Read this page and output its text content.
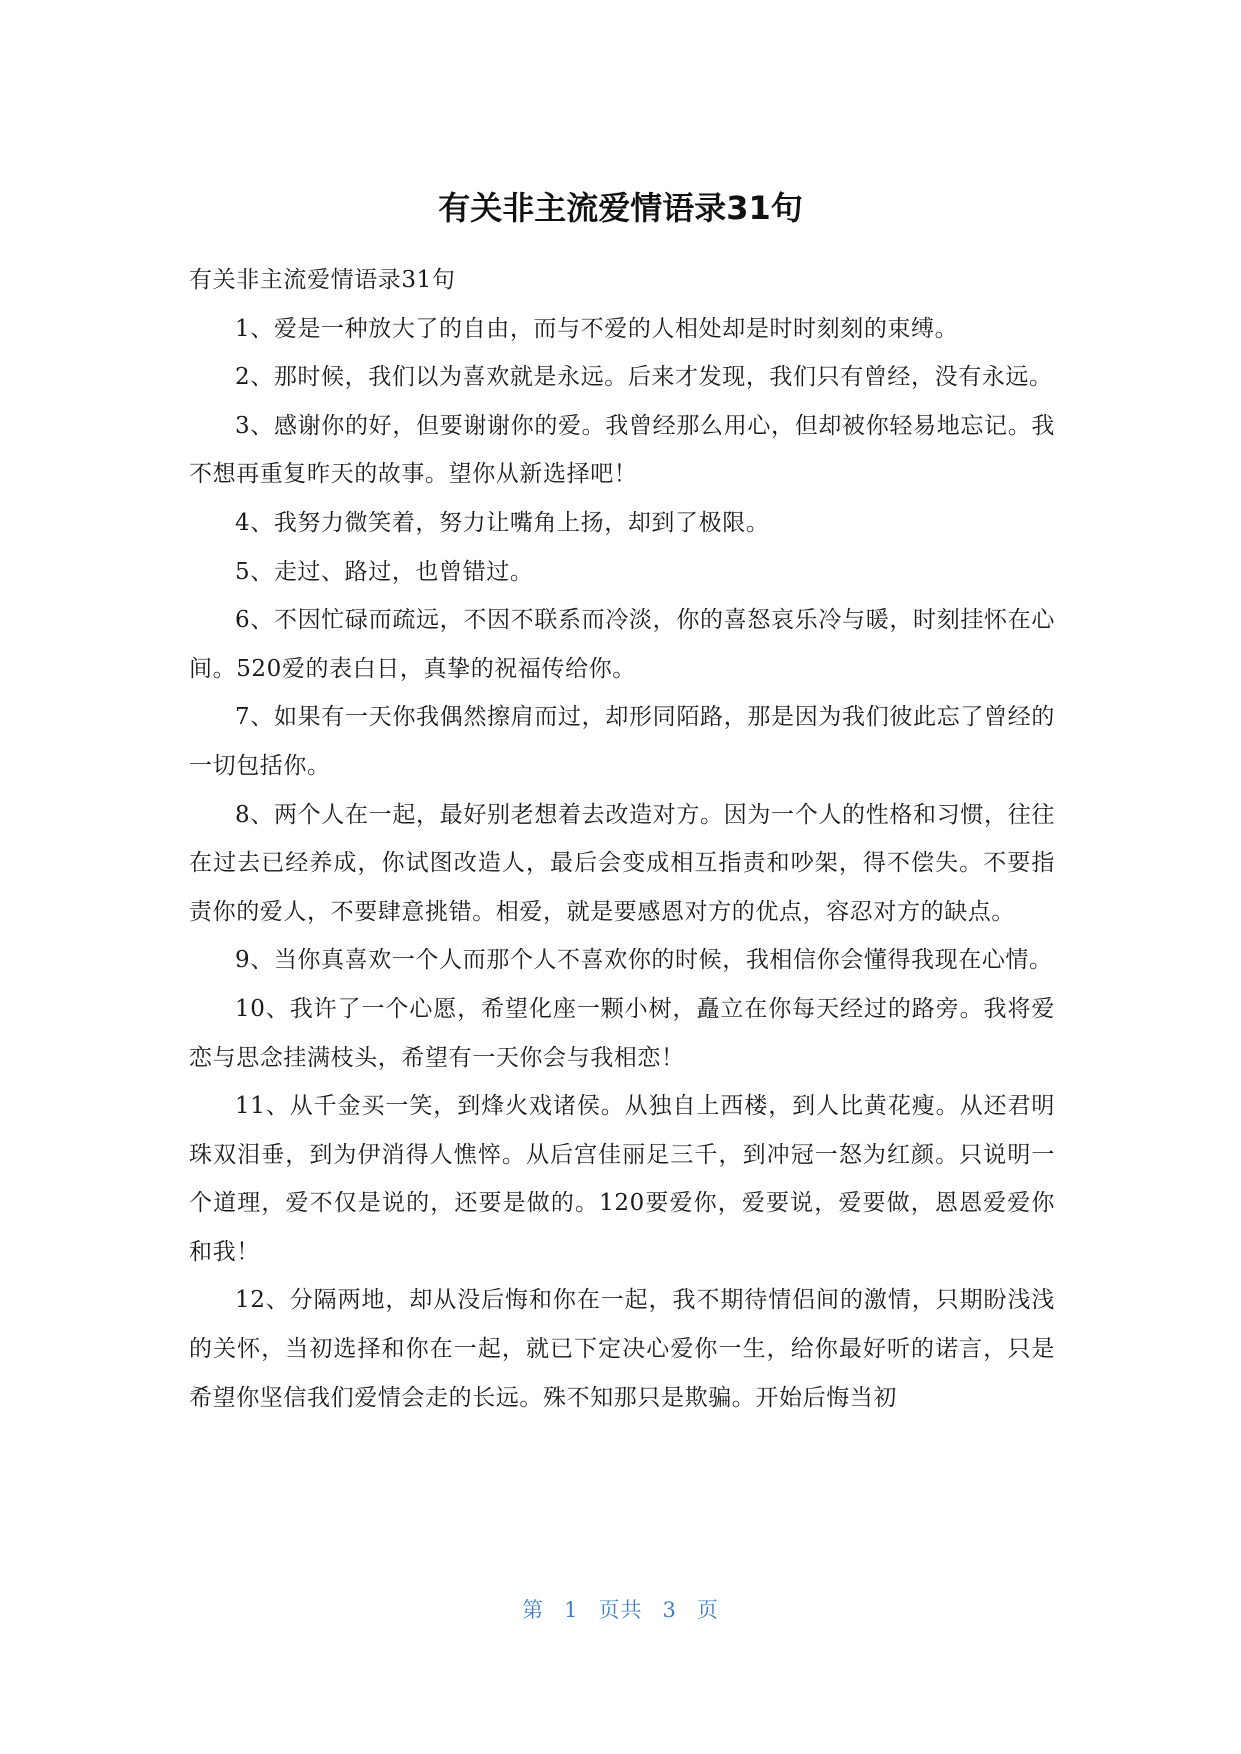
有关非主流爱情语录31句

有关非主流爱情语录31句

1、爱是一种放大了的自由，而与不爱的人相处却是时时刻刻的束缚。

2、那时候，我们以为喜欢就是永远。后来才发现，我们只有曾经，没有永远。

3、感谢你的好，但要谢谢你的爱。我曾经那么用心，但却被你轻易地忘记。我不想再重复昨天的故事。望你从新选择吧！

4、我努力微笑着，努力让嘴角上扬，却到了极限。

5、走过、路过，也曾错过。

6、不因忙碌而疏远，不因不联系而冷淡，你的喜怒哀乐冷与暖，时刻挂怀在心间。520爱的表白日，真挚的祝福传给你。

7、如果有一天你我偶然擦肩而过，却形同陌路，那是因为我们彼此忘了曾经的一切包括你。

8、两个人在一起，最好别老想着去改造对方。因为一个人的性格和习惯，往往在过去已经养成，你试图改造人，最后会变成相互指责和吵架，得不偿失。不要指责你的爱人，不要肆意挑错。相爱，就是要感恩对方的优点，容忍对方的缺点。

9、当你真喜欢一个人而那个人不喜欢你的时候，我相信你会懂得我现在心情。

10、我许了一个心愿，希望化座一颗小树，矗立在你每天经过的路旁。我将爱恋与思念挂满枝头，希望有一天你会与我相恋！

11、从千金买一笑，到烽火戏诸侯。从独自上西楼，到人比黄花瘦。从还君明珠双泪垂，到为伊消得人憔悴。从后宫佳丽足三千，到冲冠一怒为红颜。只说明一个道理，爱不仅是说的，还要是做的。120要爱你，爱要说，爱要做，恩恩爱爱你和我！

12、分隔两地，却从没后悔和你在一起，我不期待情侣间的激情，只期盼浅浅的关怀，当初选择和你在一起，就已下定决心爱你一生，给你最好听的诺言，只是希望你坚信我们爱情会走的长远。殊不知那只是欺骗。开始后悔当初

第 1 页共 3 页
